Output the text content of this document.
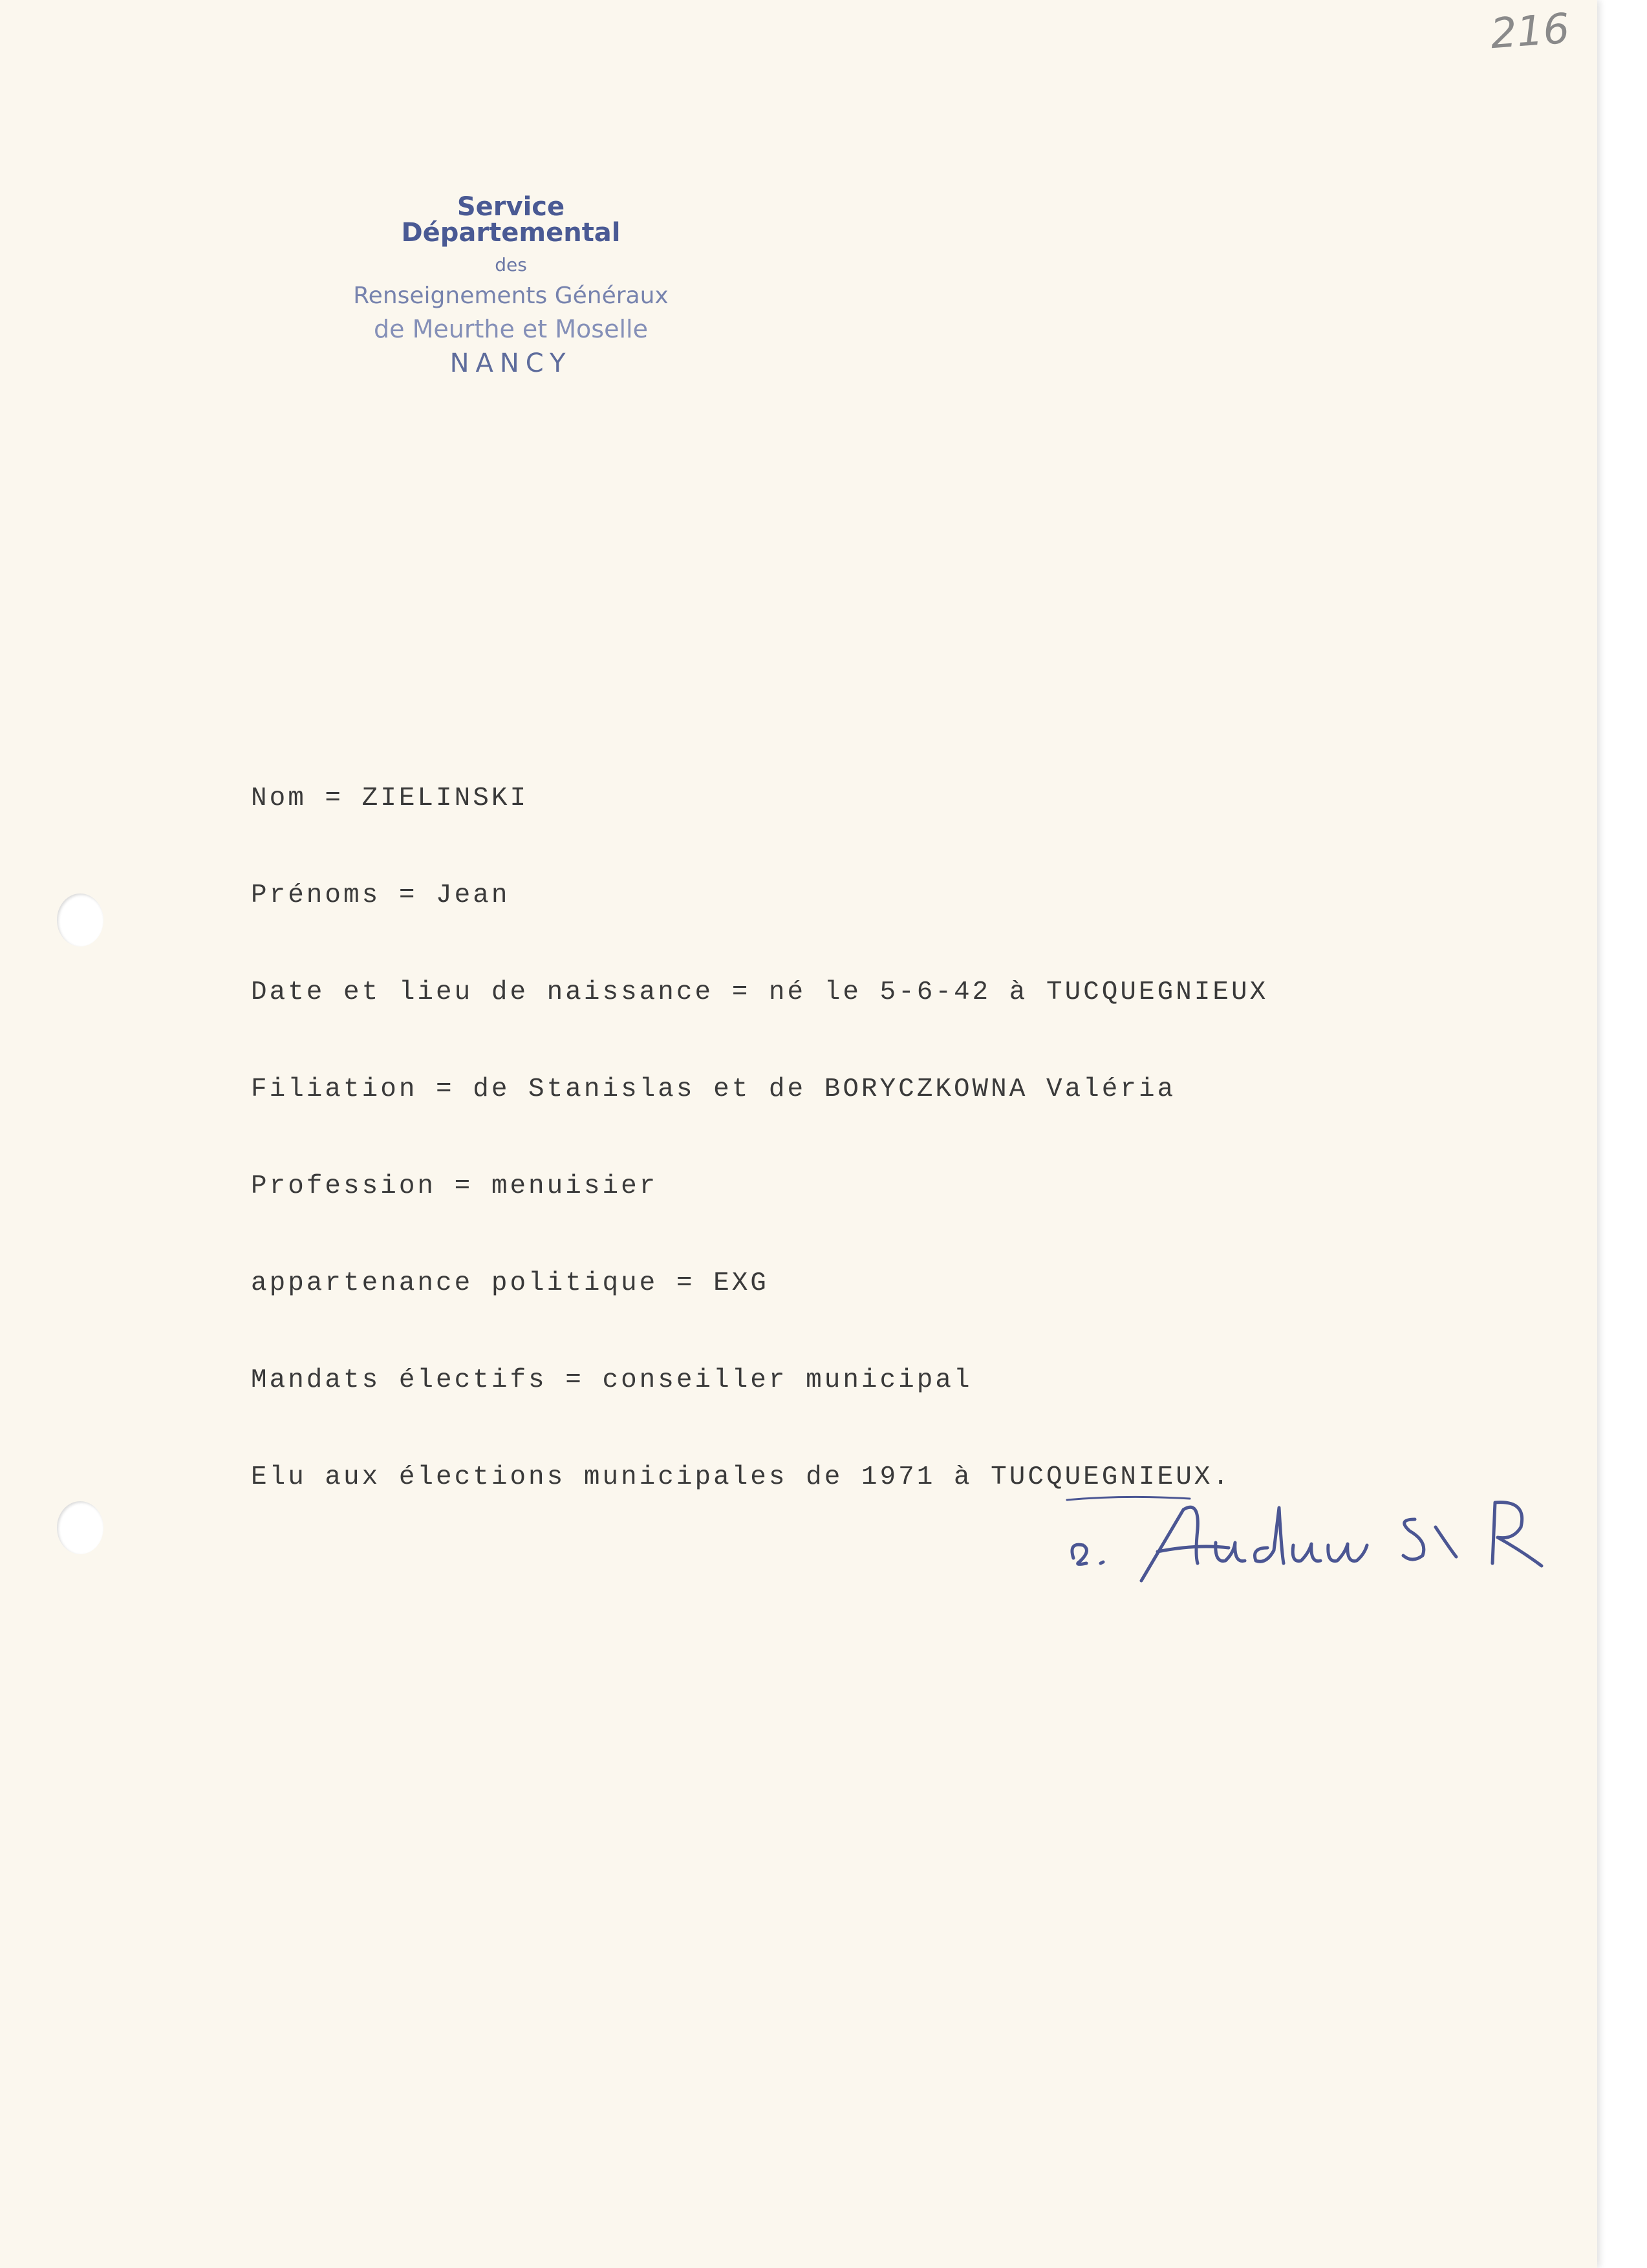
216
Service Départemental
des
Renseignements Généraux
de Meurthe et Moselle
NANCY
Nom = ZIELINSKI
Prénoms = Jean
Date et lieu de naissance = né le 5-6-42 à TUCQUEGNIEUX
Filiation = de Stanislas et de BORYCZKOWNA Valéria
Profession = menuisier
appartenance politique = EXG
Mandats électifs = conseiller municipal
Elu aux élections municipales de 1971 à TUCQUEGNIEUX.
